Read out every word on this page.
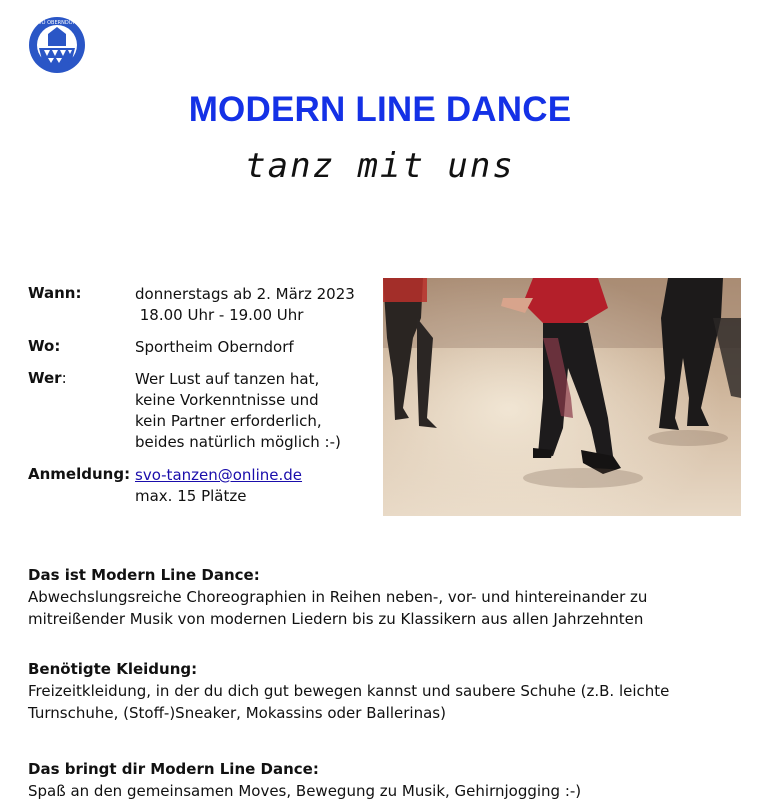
SVO OBERNDORF
MODERN LINE DANCE
tanz mit uns
Wann:	donnerstags ab 2. März 2023
18.00 Uhr - 19.00 Uhr
Wo:	Sportheim Oberndorf
Wer:	Wer Lust auf tanzen hat,
keine Vorkenntnisse und
kein Partner erforderlich,
beides natürlich möglich :-)
Anmeldung: svo-tanzen@online.de
max. 15 Plätze
Das ist Modern Line Dance:
Abwechslungsreiche Choreographien in Reihen neben-, vor- und hintereinander zu mitreißender Musik von modernen Liedern bis zu Klassikern aus allen Jahrzehnten
Benötigte Kleidung:
Freizeitkleidung, in der du dich gut bewegen kannst und saubere Schuhe (z.B. leichte Turnschuhe, (Stoff-)Sneaker, Mokassins oder Ballerinas)
Das bringt dir Modern Line Dance:
Spaß an den gemeinsamen Moves, Bewegung zu Musik, Gehirnjogging :-)
